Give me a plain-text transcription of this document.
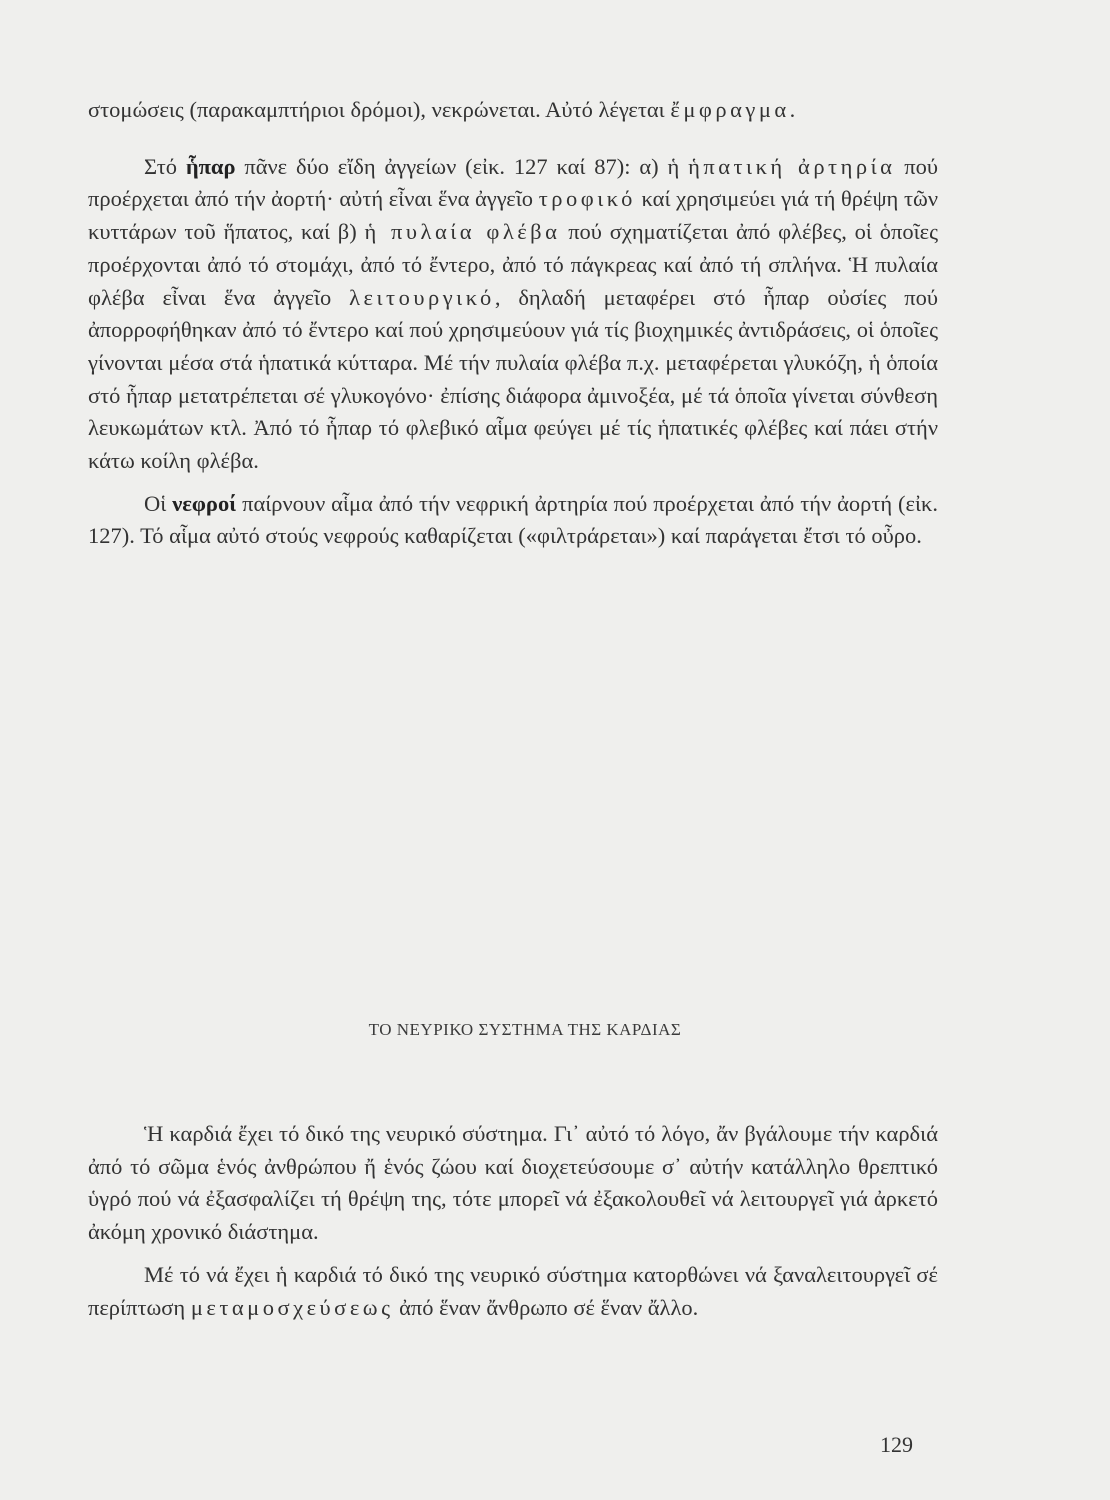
στομώσεις (παρακαμπτήριοι δρόμοι), νεκρώνεται. Αὐτό λέγεται ἔμφραγμα.

Στό ἧπαρ πᾶνε δύο εἴδη ἀγγείων (εἰκ. 127 καί 87): α) ἡ ἡπατική ἀρτηρία πού προέρχεται ἀπό τήν ἀορτή· αὐτή εἶναι ἕνα ἀγγεῖο τροφικό καί χρησιμεύει γιά τή θρέψη τῶν κυττάρων τοῦ ἥπατος, καί β) ἡ πυλαία φλέβα πού σχηματίζεται ἀπό φλέβες, οἱ ὁποῖες προέρχονται ἀπό τό στομάχι, ἀπό τό ἔντερο, ἀπό τό πάγκρεας καί ἀπό τή σπλήνα. Ἡ πυλαία φλέβα εἶναι ἕνα ἀγγεῖο λειτουργικό, δηλαδή μεταφέρει στό ἧπαρ οὐσίες πού ἀπορροφήθηκαν ἀπό τό ἔντερο καί πού χρησιμεύουν γιά τίς βιοχημικές ἀντιδράσεις, οἱ ὁποῖες γίνονται μέσα στά ἡπατικά κύτταρα. Μέ τήν πυλαία φλέβα π.χ. μεταφέρεται γλυκόζη, ἡ ὁποία στό ἧπαρ μετατρέπεται σέ γλυκογόνο· ἐπίσης διάφορα ἀμινοξέα, μέ τά ὁποῖα γίνεται σύνθεση λευκωμάτων κτλ. Ἀπό τό ἧπαρ τό φλεβικό αἷμα φεύγει μέ τίς ἡπατικές φλέβες καί πάει στήν κάτω κοίλη φλέβα.

Οἱ νεφροί παίρνουν αἷμα ἀπό τήν νεφρική ἀρτηρία πού προέρχεται ἀπό τήν ἀορτή (εἰκ. 127). Τό αἷμα αὐτό στούς νεφρούς καθαρίζεται («φιλτράρεται») καί παράγεται ἔτσι τό οὖρο.

ΤΟ ΝΕΥΡΙΚΟ ΣΥΣΤΗΜΑ ΤΗΣ ΚΑΡΔΙΑΣ

Ἡ καρδιά ἔχει τό δικό της νευρικό σύστημα. Γι᾽ αὐτό τό λόγο, ἄν βγάλουμε τήν καρδιά ἀπό τό σῶμα ἑνός ἀνθρώπου ἤ ἑνός ζώου καί διοχετεύσουμε σ᾽ αὐτήν κατάλληλο θρεπτικό ὑγρό πού νά ἐξασφαλίζει τή θρέψη της, τότε μπορεῖ νά ἐξακολουθεῖ νά λειτουργεῖ γιά ἀρκετό ἀκόμη χρονικό διάστημα.

Μέ τό νά ἔχει ἡ καρδιά τό δικό της νευρικό σύστημα κατορθώνει νά ξαναλειτουργεῖ σέ περίπτωση μεταμοσχεύσεως ἀπό ἕναν ἄνθρωπο σέ ἕναν ἄλλο.

129
